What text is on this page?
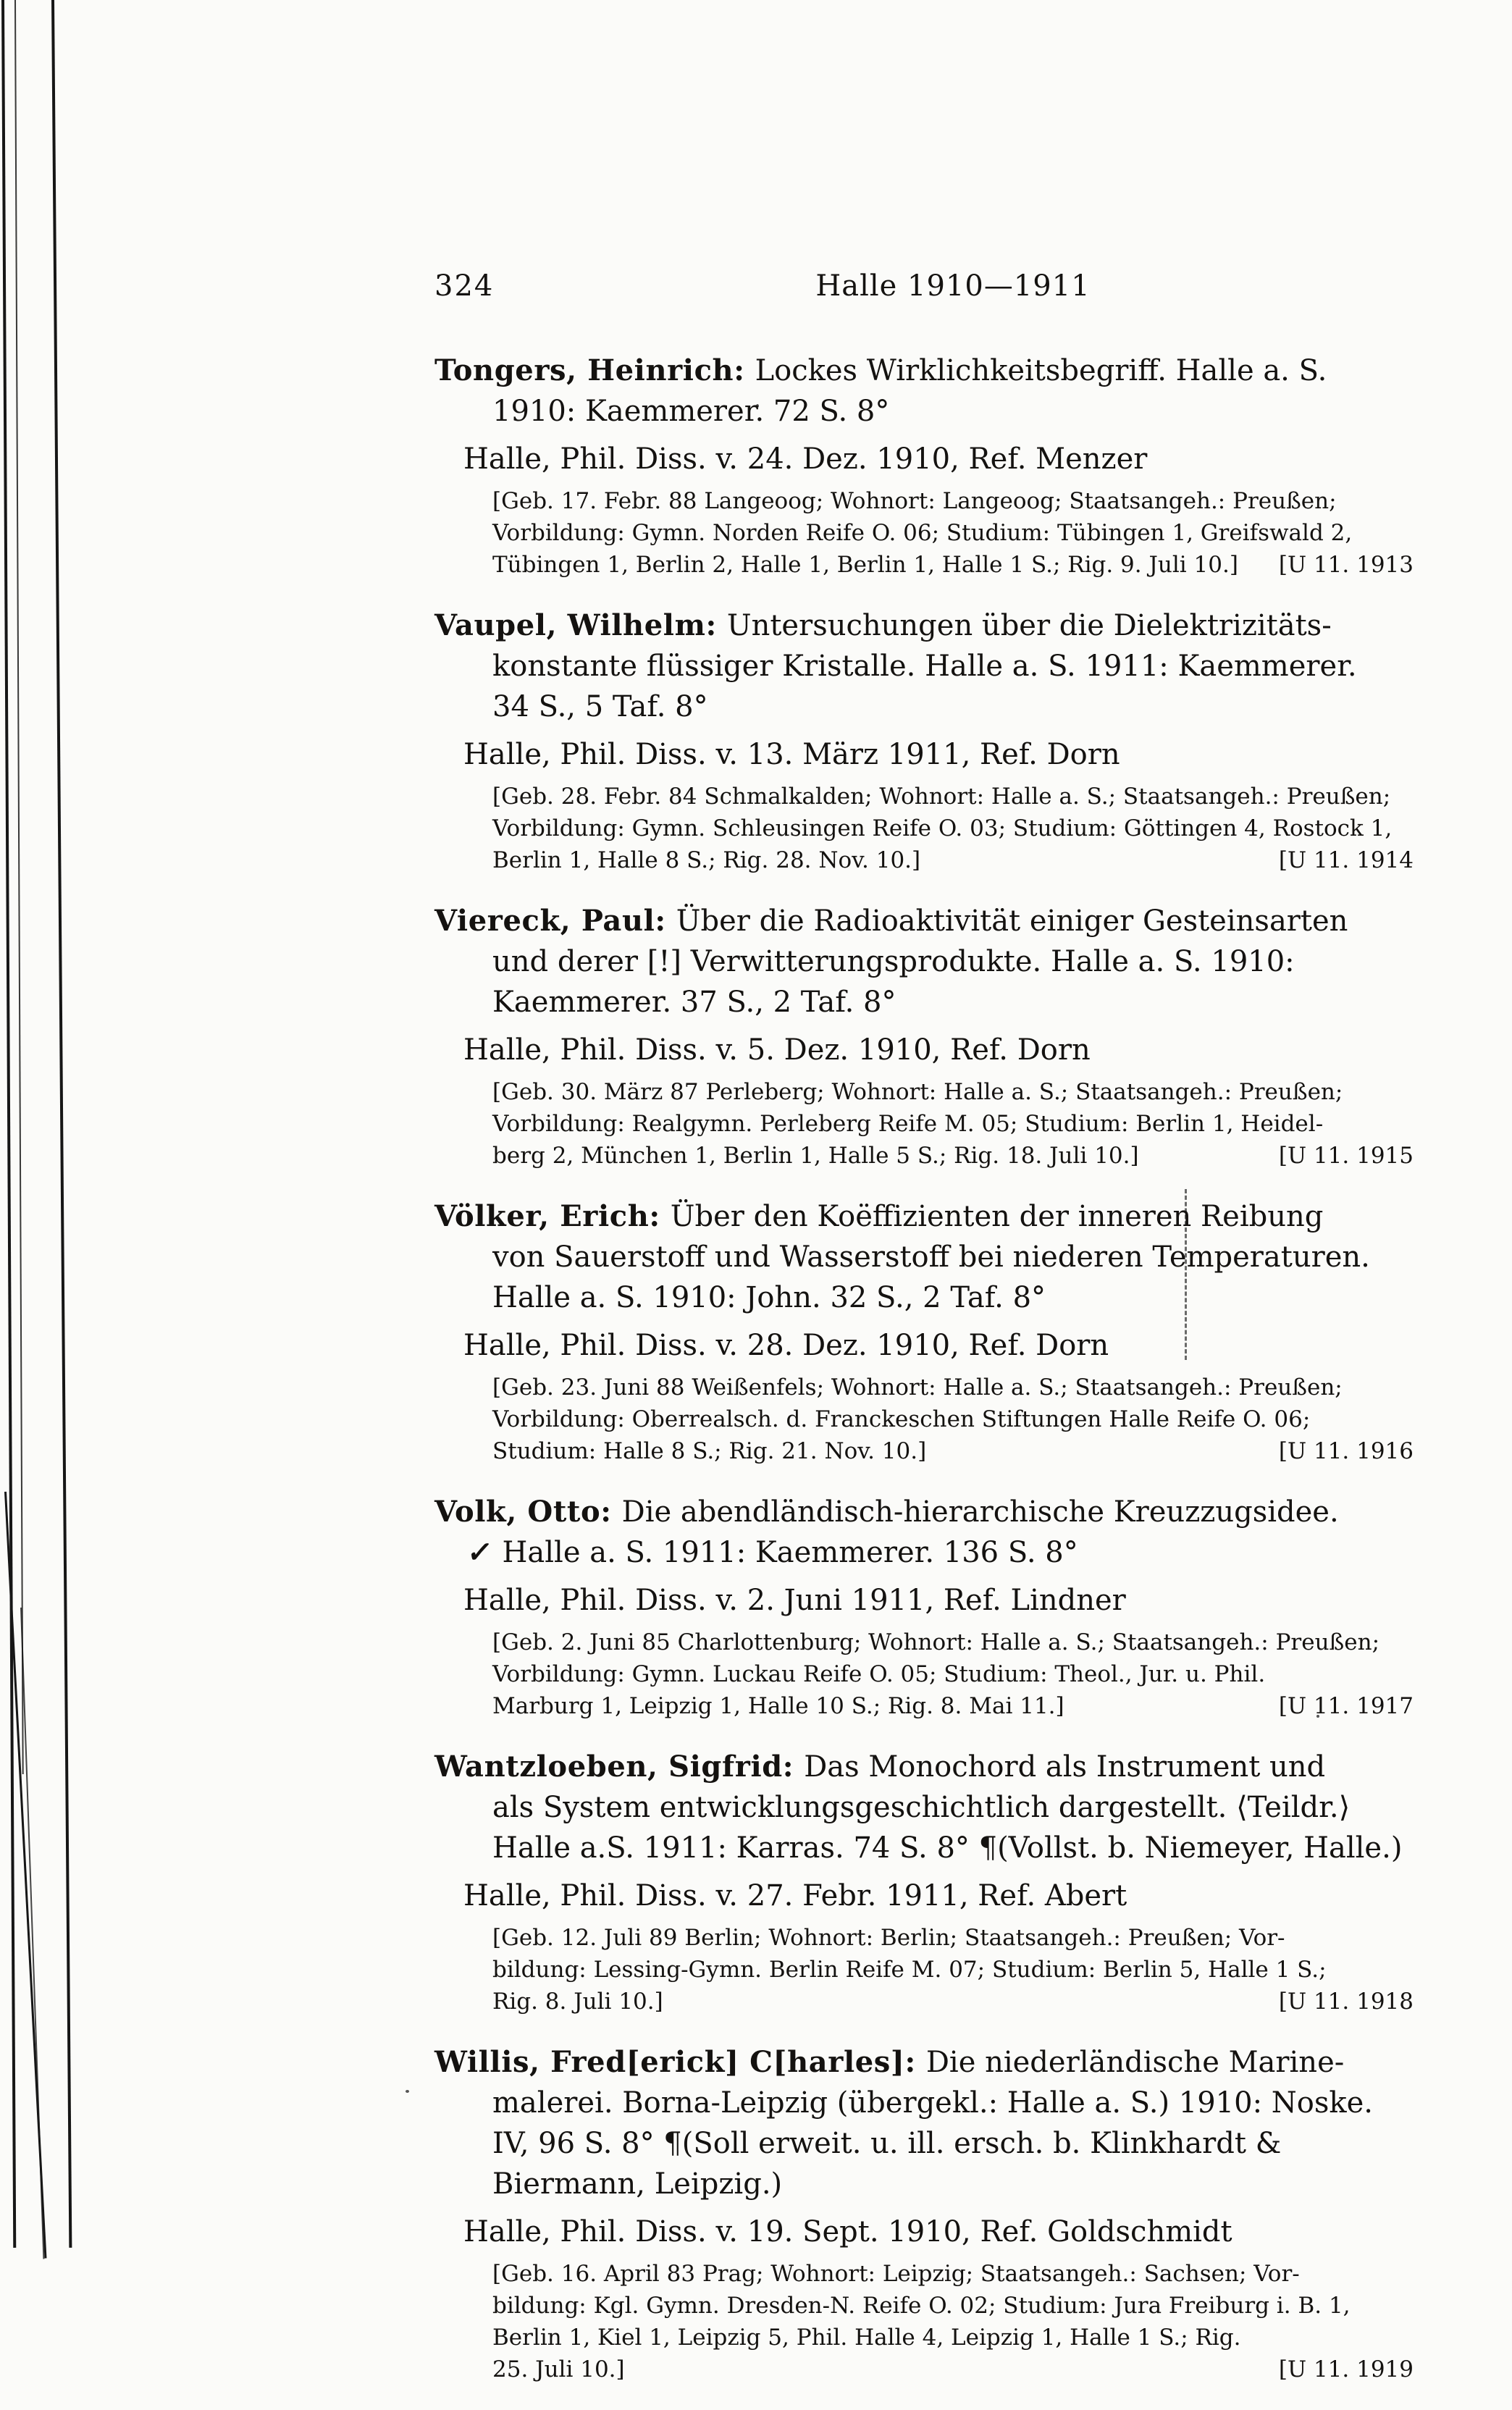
324	Halle 1910—1911

Tongers, Heinrich: Lockes Wirklichkeitsbegriff. Halle a. S.
1910: Kaemmerer. 72 S. 8°

Halle, Phil. Diss. v. 24. Dez. 1910, Ref. Menzer

[Geb. 17. Febr. 88 Langeoog; Wohnort: Langeoog; Staatsangeh.: Preußen;
Vorbildung: Gymn. Norden Reife O. 06; Studium: Tübingen 1, Greifswald 2,
Tübingen 1, Berlin 2, Halle 1, Berlin 1, Halle 1 S.; Rig. 9. Juli 10.]	[U 11. 1913

Vaupel, Wilhelm: Untersuchungen über die Dielektrizitäts-
konstante flüssiger Kristalle. Halle a. S. 1911: Kaemmerer.
34 S., 5 Taf. 8°

Halle, Phil. Diss. v. 13. März 1911, Ref. Dorn

[Geb. 28. Febr. 84 Schmalkalden; Wohnort: Halle a. S.; Staatsangeh.: Preußen;
Vorbildung: Gymn. Schleusingen Reife O. 03; Studium: Göttingen 4, Rostock 1,
Berlin 1, Halle 8 S.; Rig. 28. Nov. 10.]	[U 11. 1914

Viereck, Paul: Über die Radioaktivität einiger Gesteinsarten
und derer [!] Verwitterungsprodukte. Halle a. S. 1910:
Kaemmerer. 37 S., 2 Taf. 8°

Halle, Phil. Diss. v. 5. Dez. 1910, Ref. Dorn

[Geb. 30. März 87 Perleberg; Wohnort: Halle a. S.; Staatsangeh.: Preußen;
Vorbildung: Realgymn. Perleberg Reife M. 05; Studium: Berlin 1, Heidel-
berg 2, München 1, Berlin 1, Halle 5 S.; Rig. 18. Juli 10.]	[U 11. 1915

Völker, Erich: Über den Koëffizienten der inneren Reibung
von Sauerstoff und Wasserstoff bei niederen Temperaturen.
Halle a. S. 1910: John. 32 S., 2 Taf. 8°

Halle, Phil. Diss. v. 28. Dez. 1910, Ref. Dorn

[Geb. 23. Juni 88 Weißenfels; Wohnort: Halle a. S.; Staatsangeh.: Preußen;
Vorbildung: Oberrealsch. d. Franckeschen Stiftungen Halle Reife O. 06;
Studium: Halle 8 S.; Rig. 21. Nov. 10.]	[U 11. 1916

Volk, Otto: Die abendländisch-hierarchische Kreuzzugsidee.
✓ Halle a. S. 1911: Kaemmerer. 136 S. 8°

Halle, Phil. Diss. v. 2. Juni 1911, Ref. Lindner

[Geb. 2. Juni 85 Charlottenburg; Wohnort: Halle a. S.; Staatsangeh.: Preußen;
Vorbildung: Gymn. Luckau Reife O. 05; Studium: Theol., Jur. u. Phil.
Marburg 1, Leipzig 1, Halle 10 S.; Rig. 8. Mai 11.]	[U 11. 1917

Wantzloeben, Sigfrid: Das Monochord als Instrument und
als System entwicklungsgeschichtlich dargestellt. ⟨Teildr.⟩
Halle a.S. 1911: Karras. 74 S. 8° ¶(Vollst. b. Niemeyer, Halle.)

Halle, Phil. Diss. v. 27. Febr. 1911, Ref. Abert

[Geb. 12. Juli 89 Berlin; Wohnort: Berlin; Staatsangeh.: Preußen; Vor-
bildung: Lessing-Gymn. Berlin Reife M. 07; Studium: Berlin 5, Halle 1 S.;
Rig. 8. Juli 10.]	[U 11. 1918

Willis, Fred[erick] C[harles]: Die niederländische Marine-
malerei. Borna-Leipzig (übergekl.: Halle a. S.) 1910: Noske.
IV, 96 S. 8° ¶(Soll erweit. u. ill. ersch. b. Klinkhardt &
Biermann, Leipzig.)

Halle, Phil. Diss. v. 19. Sept. 1910, Ref. Goldschmidt

[Geb. 16. April 83 Prag; Wohnort: Leipzig; Staatsangeh.: Sachsen; Vor-
bildung: Kgl. Gymn. Dresden-N. Reife O. 02; Studium: Jura Freiburg i. B. 1,
Berlin 1, Kiel 1, Leipzig 5, Phil. Halle 4, Leipzig 1, Halle 1 S.; Rig.
25. Juli 10.]	[U 11. 1919
